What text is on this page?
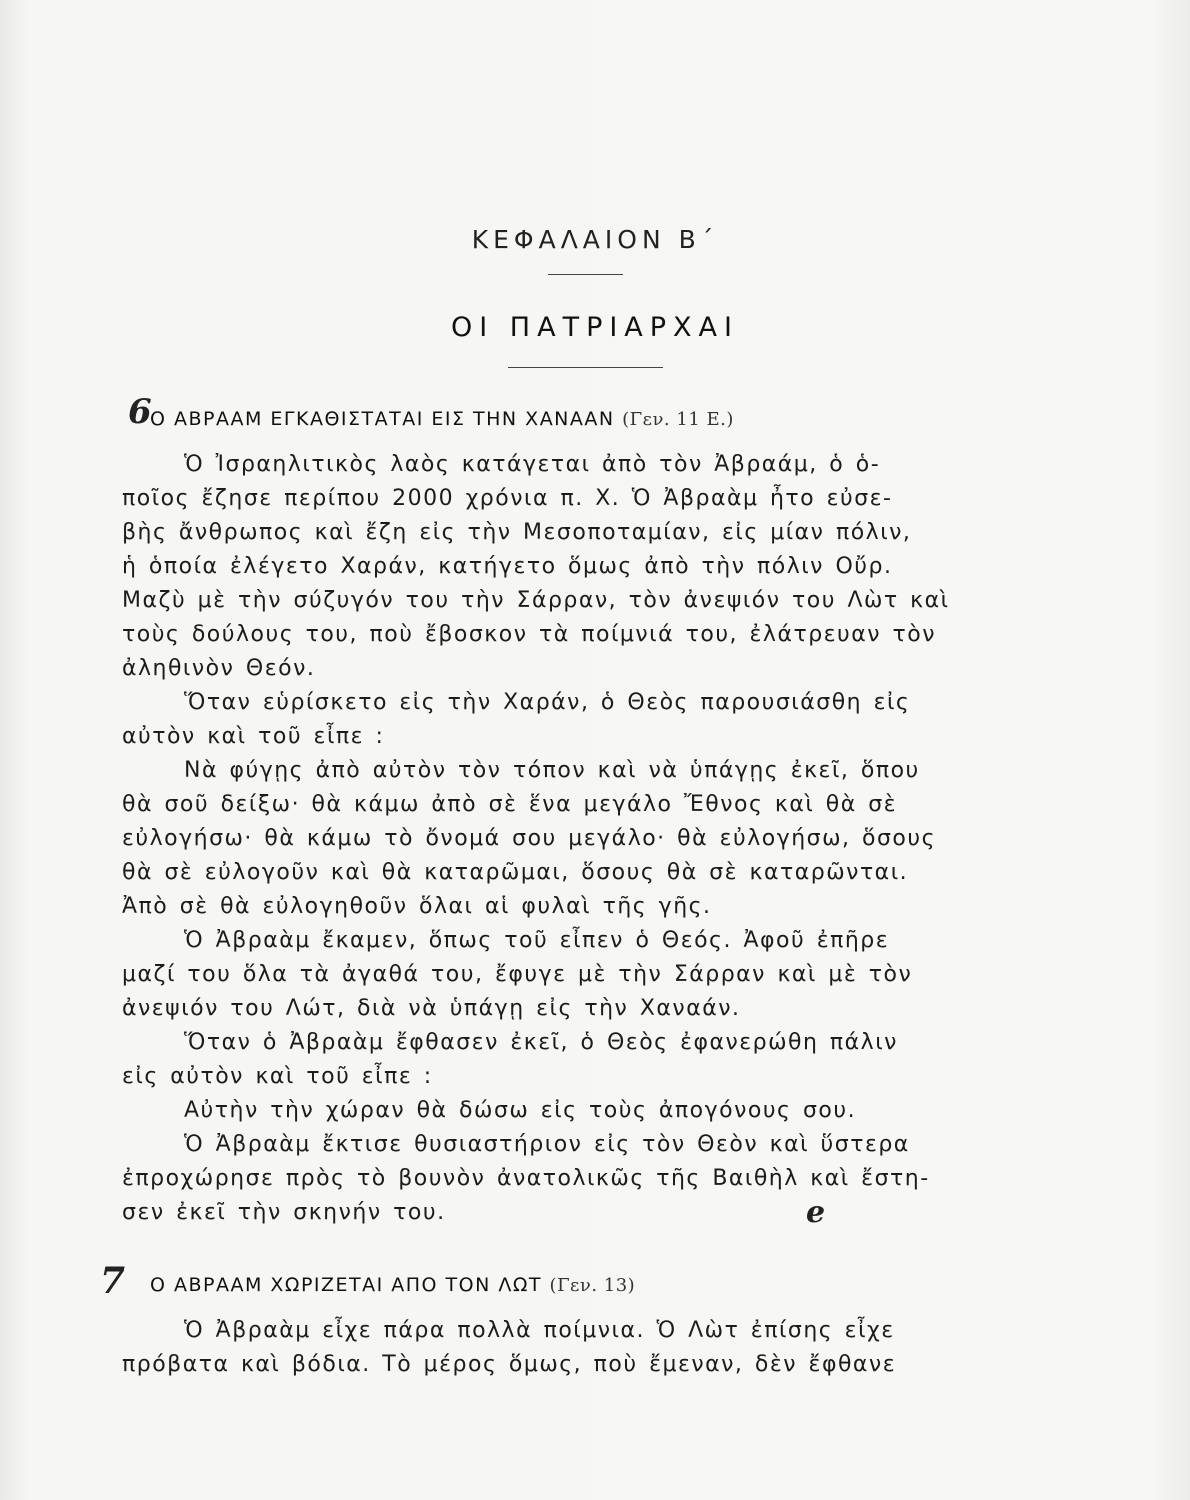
ΚΕΦΑΛΑΙΟΝ Β΄
ΟΙ ΠΑΤΡΙΑΡΧΑΙ
6
Ο ΑΒΡΑΑΜ ΕΓΚΑΘΙΣΤΑΤΑΙ ΕΙΣ ΤΗΝ ΧΑΝΑΑΝ (Γεν. 11 Ε.)
Ὁ Ἰσραηλιτικὸς λαὸς κατάγεται ἀπὸ τὸν Ἀβραάμ, ὁ ὁ-
ποῖος ἔζησε περίπου 2000 χρόνια π. Χ. Ὁ Ἀβραὰμ ἦτο εὐσε-
βὴς ἄνθρωπος καὶ ἔζη εἰς τὴν Μεσοποταμίαν, εἰς μίαν πόλιν,
ἡ ὁποία ἐλέγετο Χαράν, κατήγετο ὅμως ἀπὸ τὴν πόλιν Οὔρ.
Μαζὺ μὲ τὴν σύζυγόν του τὴν Σάρραν, τὸν ἀνεψιόν του Λὼτ καὶ
τοὺς δούλους του, ποὺ ἔβοσκον τὰ ποίμνιά του, ἐλάτρευαν τὸν
ἀληθινὸν Θεόν.
Ὅταν εὑρίσκετο εἰς τὴν Χαράν, ὁ Θεὸς παρουσιάσθη εἰς
αὐτὸν καὶ τοῦ εἶπε :
Νὰ φύγῃς ἀπὸ αὐτὸν τὸν τόπον καὶ νὰ ὑπάγῃς ἐκεῖ, ὅπου
θὰ σοῦ δείξω· θὰ κάμω ἀπὸ σὲ ἕνα μεγάλο Ἔθνος καὶ θὰ σὲ
εὐλογήσω· θὰ κάμω τὸ ὄνομά σου μεγάλο· θὰ εὐλογήσω, ὅσους
θὰ σὲ εὐλογοῦν καὶ θὰ καταρῶμαι, ὅσους θὰ σὲ καταρῶνται.
Ἀπὸ σὲ θὰ εὐλογηθοῦν ὅλαι αἱ φυλαὶ τῆς γῆς.
Ὁ Ἀβραὰμ ἔκαμεν, ὅπως τοῦ εἶπεν ὁ Θεός. Ἀφοῦ ἐπῆρε
μαζί του ὅλα τὰ ἀγαθά του, ἔφυγε μὲ τὴν Σάρραν καὶ μὲ τὸν
ἀνεψιόν του Λώτ, διὰ νὰ ὑπάγῃ εἰς τὴν Χαναάν.
Ὅταν ὁ Ἀβραὰμ ἔφθασεν ἐκεῖ, ὁ Θεὸς ἐφανερώθη πάλιν
εἰς αὐτὸν καὶ τοῦ εἶπε :
Αὐτὴν τὴν χώραν θὰ δώσω εἰς τοὺς ἀπογόνους σου.
Ὁ Ἀβραὰμ ἔκτισε θυσιαστήριον εἰς τὸν Θεὸν καὶ ὕστερα
ἐπροχώρησε πρὸς τὸ βουνὸν ἀνατολικῶς τῆς Βαιθὴλ καὶ ἔστη-
σεν ἐκεῖ τὴν σκηνήν του.	e
7 Ο ΑΒΡΑΑΜ ΧΩΡΙΖΕΤΑΙ ΑΠΟ ΤΟΝ ΛΩΤ (Γεν. 13)
Ὁ Ἀβραὰμ εἶχε πάρα πολλὰ ποίμνια. Ὁ Λὼτ ἐπίσης εἶχε
πρόβατα καὶ βόδια. Τὸ μέρος ὅμως, ποὺ ἔμεναν, δὲν ἔφθανε
